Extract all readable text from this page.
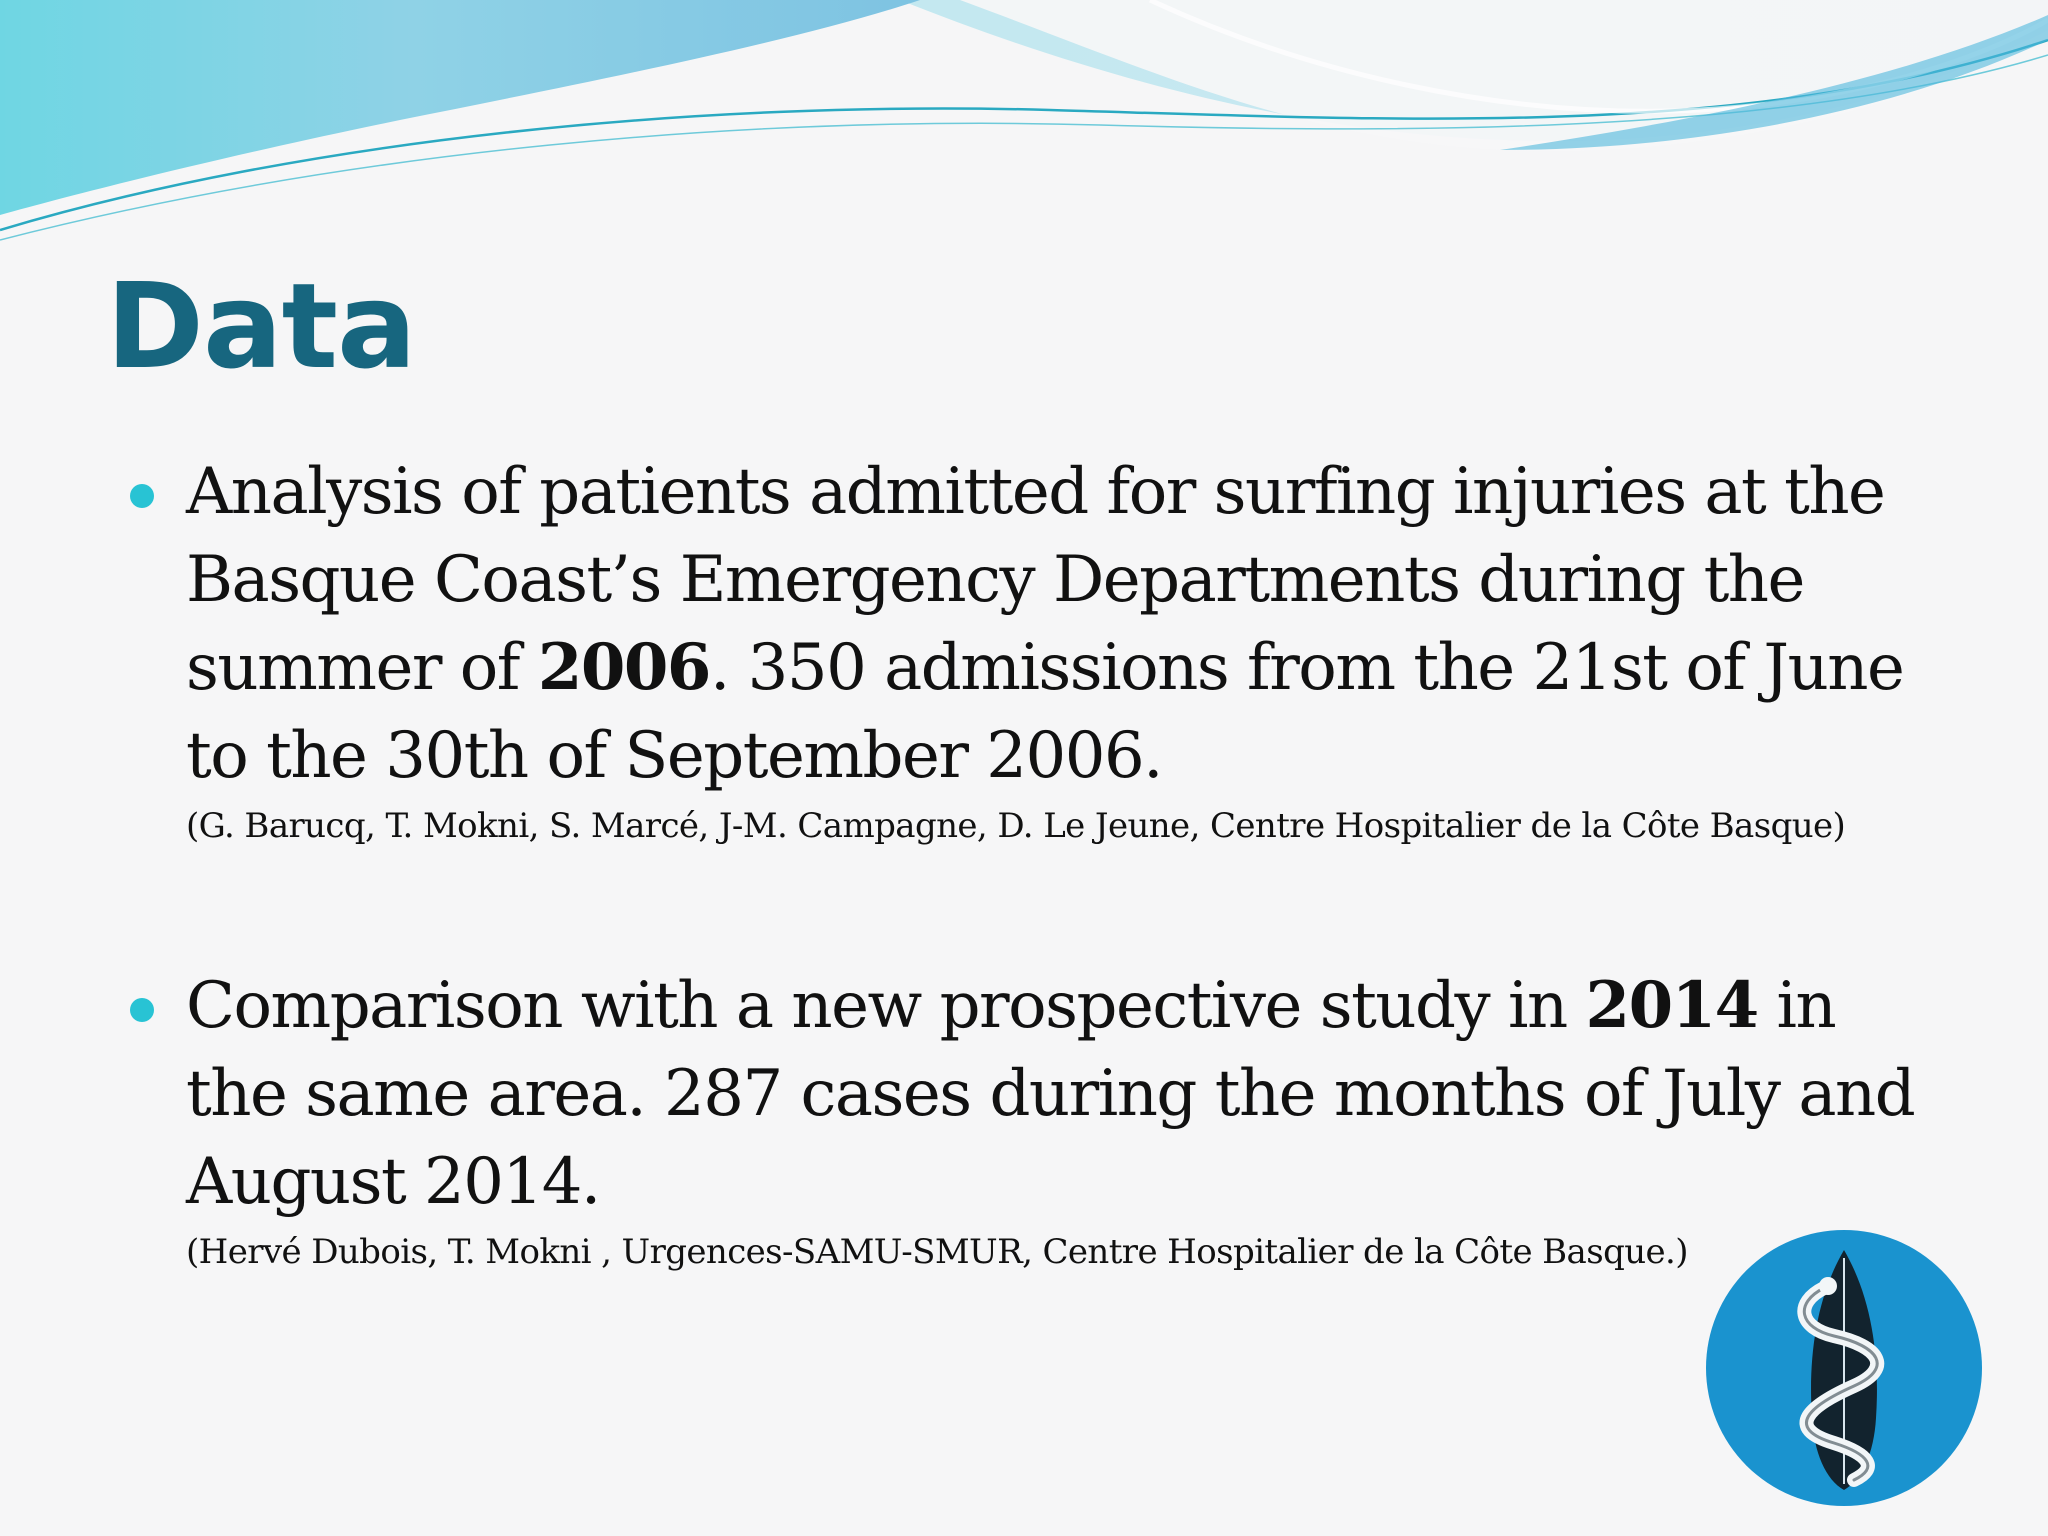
Data

Analysis of patients admitted for surfing injuries at the Basque Coast’s Emergency Departments during the summer of 2006. 350 admissions from the 21st of June to the 30th of September 2006.

(G. Barucq, T. Mokni, S. Marcé, J-M. Campagne, D. Le Jeune, Centre Hospitalier de la Côte Basque)

Comparison with a new prospective study in 2014 in the same area. 287 cases during the months of July and August 2014.

(Hervé Dubois, T. Mokni , Urgences-SAMU-SMUR, Centre Hospitalier de la Côte Basque.)
